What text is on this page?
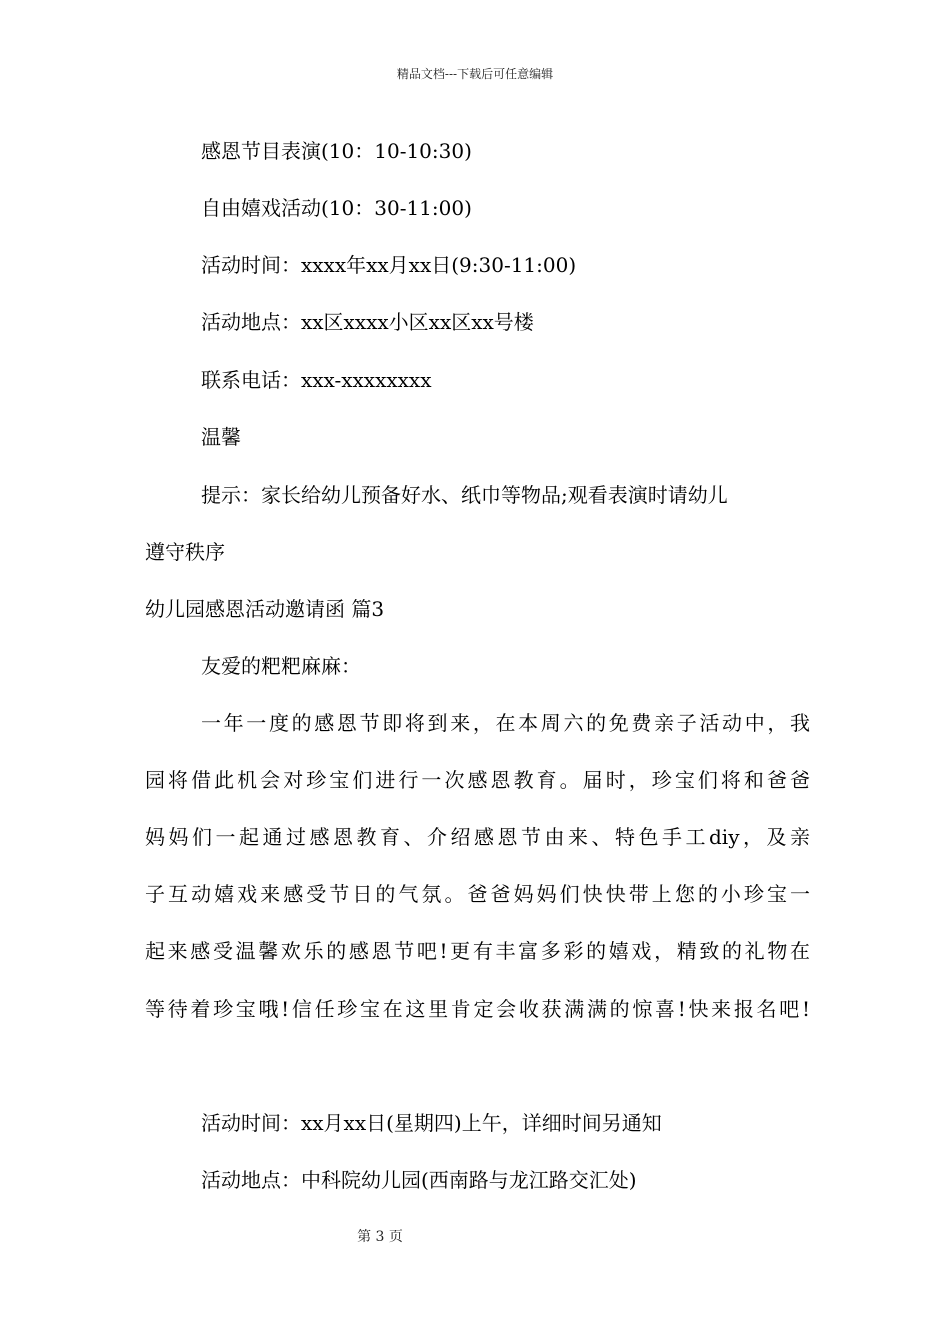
精品文档---下载后可任意编辑
感恩节目表演(10：10-10:30)
自由嬉戏活动(10：30-11:00)
活动时间：xxxx年xx月xx日(9:30-11:00)
活动地点：xx区xxxx小区xx区xx号楼
联系电话：xxx-xxxxxxxx
温馨
提示：家长给幼儿预备好水、纸巾等物品;观看表演时请幼儿
遵守秩序
幼儿园感恩活动邀请函 篇3
友爱的粑粑麻麻：
一年一度的感恩节即将到来，在本周六的免费亲子活动中，我
园将借此机会对珍宝们进行一次感恩教育。届时，珍宝们将和爸爸
妈妈们一起通过感恩教育、介绍感恩节由来、特色手工diy，及亲
子互动嬉戏来感受节日的气氛。爸爸妈妈们快快带上您的小珍宝一
起来感受温馨欢乐的感恩节吧!更有丰富多彩的嬉戏，精致的礼物在
等待着珍宝哦!信任珍宝在这里肯定会收获满满的惊喜!快来报名吧!
活动时间：xx月xx日(星期四)上午，详细时间另通知
活动地点：中科院幼儿园(西南路与龙江路交汇处)
第 3 页
